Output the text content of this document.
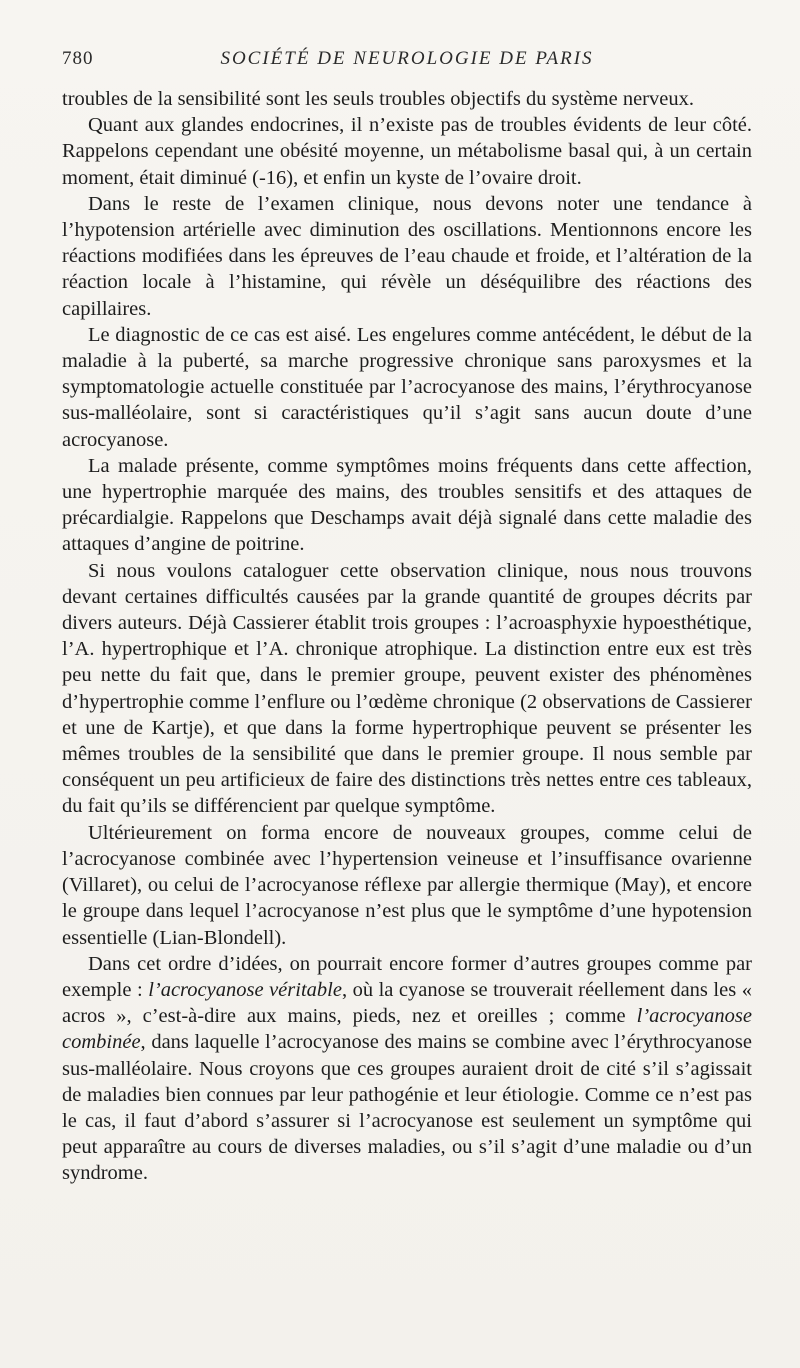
780	SOCIÉTÉ DE NEUROLOGIE DE PARIS

troubles de la sensibilité sont les seuls troubles objectifs du système nerveux.

Quant aux glandes endocrines, il n’existe pas de troubles évidents de leur côté. Rappelons cependant une obésité moyenne, un métabolisme basal qui, à un certain moment, était diminué (-16), et enfin un kyste de l’ovaire droit.

Dans le reste de l’examen clinique, nous devons noter une tendance à l’hypotension artérielle avec diminution des oscillations. Mentionnons encore les réactions modifiées dans les épreuves de l’eau chaude et froide, et l’altération de la réaction locale à l’histamine, qui révèle un déséquilibre des réactions des capillaires.

Le diagnostic de ce cas est aisé. Les engelures comme antécédent, le début de la maladie à la puberté, sa marche progressive chronique sans paroxysmes et la symptomatologie actuelle constituée par l’acrocyanose des mains, l’érythrocyanose sus-malléolaire, sont si caractéristiques qu’il s’agit sans aucun doute d’une acrocyanose.

La malade présente, comme symptômes moins fréquents dans cette affection, une hypertrophie marquée des mains, des troubles sensitifs et des attaques de précardialgie. Rappelons que Deschamps avait déjà signalé dans cette maladie des attaques d’angine de poitrine.

Si nous voulons cataloguer cette observation clinique, nous nous trouvons devant certaines difficultés causées par la grande quantité de groupes décrits par divers auteurs. Déjà Cassierer établit trois groupes : l’acroasphyxie hypoesthétique, l’A. hypertrophique et l’A. chronique atrophique. La distinction entre eux est très peu nette du fait que, dans le premier groupe, peuvent exister des phénomènes d’hypertrophie comme l’enflure ou l’œdème chronique (2 observations de Cassierer et une de Kartje), et que dans la forme hypertrophique peuvent se présenter les mêmes troubles de la sensibilité que dans le premier groupe. Il nous semble par conséquent un peu artificieux de faire des distinctions très nettes entre ces tableaux, du fait qu’ils se différencient par quelque symptôme.

Ultérieurement on forma encore de nouveaux groupes, comme celui de l’acrocyanose combinée avec l’hypertension veineuse et l’insuffisance ovarienne (Villaret), ou celui de l’acrocyanose réflexe par allergie thermique (May), et encore le groupe dans lequel l’acrocyanose n’est plus que le symptôme d’une hypotension essentielle (Lian-Blondell).

Dans cet ordre d’idées, on pourrait encore former d’autres groupes comme par exemple : l’acrocyanose véritable, où la cyanose se trouverait réellement dans les « acros », c’est-à-dire aux mains, pieds, nez et oreilles ; comme l’acrocyanose combinée, dans laquelle l’acrocyanose des mains se combine avec l’érythrocyanose sus-malléolaire. Nous croyons que ces groupes auraient droit de cité s’il s’agissait de maladies bien connues par leur pathogénie et leur étiologie. Comme ce n’est pas le cas, il faut d’abord s’assurer si l’acrocyanose est seulement un symptôme qui peut apparaître au cours de diverses maladies, ou s’il s’agit d’une maladie ou d’un syndrome.
